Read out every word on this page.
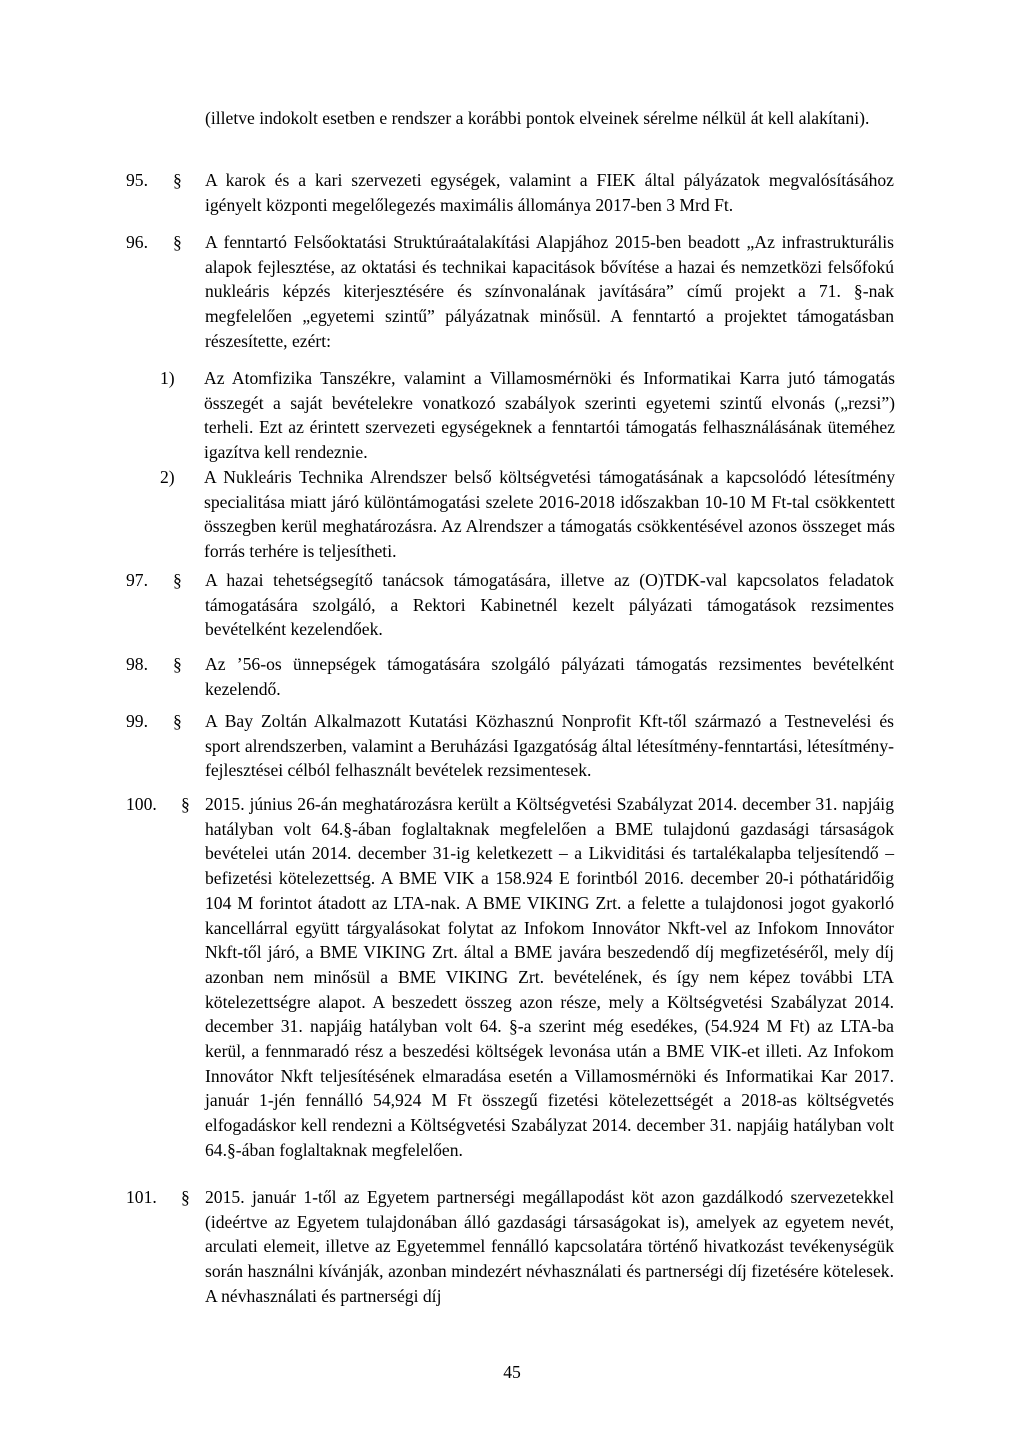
(illetve indokolt esetben e rendszer a korábbi pontok elveinek sérelme nélkül át kell alakítani).
95. § A karok és a kari szervezeti egységek, valamint a FIEK által pályázatok megvalósításához igényelt központi megelőlegezés maximális állománya 2017-ben 3 Mrd Ft.
96. § A fenntartó Felsőoktatási Struktúraátalakítási Alapjához 2015-ben beadott „Az infrastrukturális alapok fejlesztése, az oktatási és technikai kapacitások bővítése a hazai és nemzetközi felsőfokú nukleáris képzés kiterjesztésére és színvonalának javítására” című projekt a 71. §-nak megfelelően „egyetemi szintű” pályázatnak minősül. A fenntartó a projektet támogatásban részesítette, ezért:
1) Az Atomfizika Tanszékre, valamint a Villamosmérnöki és Informatikai Karra jutó támogatás összegét a saját bevételekre vonatkozó szabályok szerinti egyetemi szintű elvonás („rezsi”) terheli. Ezt az érintett szervezeti egységeknek a fenntartói támogatás felhasználásának üteméhez igazítva kell rendeznie.
2) A Nukleáris Technika Alrendszer belső költségvetési támogatásának a kapcsolódó létesítmény specialitása miatt járó különtámogatási szelete 2016-2018 időszakban 10-10 M Ft-tal csökkentett összegben kerül meghatározásra. Az Alrendszer a támogatás csökkentésével azonos összeget más forrás terhére is teljesítheti.
97. § A hazai tehetségsegítő tanácsok támogatására, illetve az (O)TDK-val kapcsolatos feladatok támogatására szolgáló, a Rektori Kabinetnél kezelt pályázati támogatások rezsimentes bevételként kezelendőek.
98. § Az ’56-os ünnepségek támogatására szolgáló pályázati támogatás rezsimentes bevételként kezelendő.
99. § A Bay Zoltán Alkalmazott Kutatási Közhasznú Nonprofit Kft-től származó a Testnevelési és sport alrendszerben, valamint a Beruházási Igazgatóság által létesítmény-fenntartási, létesítmény-fejlesztései célból felhasznált bevételek rezsimentesek.
100. § 2015. június 26-án meghatározásra került a Költségvetési Szabályzat 2014. december 31. napjáig hatályban volt 64.§-ában foglaltaknak megfelelően a BME tulajdonú gazdasági társaságok bevételei után 2014. december 31-ig keletkezett – a Likviditási és tartalékalapba teljesítendő – befizetési kötelezettség. A BME VIK a 158.924 E forintból 2016. december 20-i póthatáridőig 104 M forintot átadott az LTA-nak. A BME VIKING Zrt. a felette a tulajdonosi jogot gyakorló kancellárral együtt tárgyalásokat folytat az Infokom Innovátor Nkft-vel az Infokom Innovátor Nkft-től járó, a BME VIKING Zrt. által a BME javára beszedendő díj megfizetéséről, mely díj azonban nem minősül a BME VIKING Zrt. bevételének, és így nem képez további LTA kötelezettségre alapot. A beszedett összeg azon része, mely a Költségvetési Szabályzat 2014. december 31. napjáig hatályban volt 64. §-a szerint még esedékes, (54.924 M Ft) az LTA-ba kerül, a fennmaradó rész a beszedési költségek levonása után a BME VIK-et illeti. Az Infokom Innovátor Nkft teljesítésének elmaradása esetén a Villamosmérnöki és Informatikai Kar 2017. január 1-jén fennálló 54,924 M Ft összegű fizetési kötelezettségét a 2018-as költségvetés elfogadáskor kell rendezni a Költségvetési Szabályzat 2014. december 31. napjáig hatályban volt 64.§-ában foglaltaknak megfelelően.
101. § 2015. január 1-től az Egyetem partnerségi megállapodást köt azon gazdálkodó szervezetekkel (ideértve az Egyetem tulajdonában álló gazdasági társaságokat is), amelyek az egyetem nevét, arculati elemeit, illetve az Egyetemmel fennálló kapcsolatára történő hivatkozást tevékenységük során használni kívánják, azonban mindezért névhasználati és partnerségi díj fizetésére kötelesek. A névhasználati és partnerségi díj
45
